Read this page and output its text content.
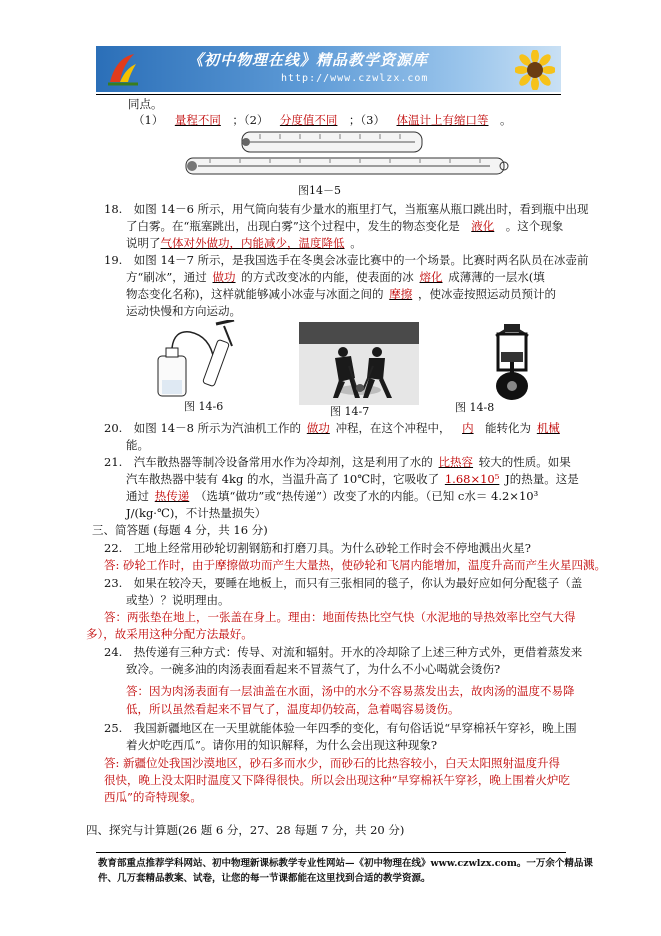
《初中物理在线》精品教学资源库
http://www.czwlzx.com
同点。
（1）  量程不同  ；（2）  分度值不同  ；（3）  体温计上有缩口等  。
图14－5
18.　如图 14－6 所示，用气筒向装有少量水的瓶里打气，当瓶塞从瓶口跳出时，看到瓶中出现
了白雾。在“瓶塞跳出，出现白雾”这个过程中，发生的物态变化是  液化  。这个现象
说明了气体对外做功，内能减少，温度降低  。
19.　如图 14－7 所示，是我国选手在冬奥会冰壶比赛中的一个场景。比赛时两名队员在冰壶前
方“刷冰”，通过  做功  的方式改变冰的内能，使表面的冰  熔化  成薄薄的一层水(填
物态变化名称)，这样就能够减小冰壶与冰面之间的  摩擦  ，使冰壶按照运动员预计的
运动快慢和方向运动。
图 14-6	图 14-7	图 14-8
20.　如图 14－8 所示为汽油机工作的  做功  冲程，在这个冲程中，  内  能转化为  机械
能。
21.　汽车散热器等制冷设备常用水作为冷却剂，这是利用了水的  比热容  较大的性质。如果
汽车散热器中装有 4kg 的水，当温升高了 10℃时，它吸收了  1.68×10⁵  J的热量。这是
通过  热传递  （选填“做功”或“热传递”）改变了水的内能。（已知 c水＝ 4.2×10³
J/(kg·℃)，不计热量损失）
三、简答题 (每题 4 分，共 16 分)
22.　工地上经常用砂轮切割钢筋和打磨刀具。为什么砂轮工作时会不停地溅出火星?
答: 砂轮工作时，由于摩擦做功而产生大量热，使砂轮和飞屑内能增加，温度升高而产生火星四溅。
23.　如果在较冷天，要睡在地板上，而只有三张相同的毯子，你认为最好应如何分配毯子（盖
或垫）？说明理由。
答：两张垫在地上，一张盖在身上。理由：地面传热比空气快（水泥地的导热效率比空气大得
多），故采用这种分配方法最好。
24.　热传递有三种方式：传导、对流和辐射。开水的冷却除了上述三种方式外，更借着蒸发来
致冷。一碗多油的肉汤表面看起来不冒蒸气了，为什么不小心喝就会烫伤?
答：因为肉汤表面有一层油盖在水面，汤中的水分不容易蒸发出去，故肉汤的温度不易降
低，所以虽然看起来不冒气了，温度却仍较高，急着喝容易烫伤。
25.　我国新疆地区在一天里就能体验一年四季的变化，有句俗话说“早穿棉袄午穿衫，晚上围
着火炉吃西瓜”。请你用的知识解释，为什么会出现这种现象?
答: 新疆位处我国沙漠地区，砂石多而水少，而砂石的比热容较小，白天太阳照射温度升得
很快，晚上没太阳时温度又下降得很快。所以会出现这种“早穿棉袄午穿衫，晚上围着火炉吃
西瓜”的奇特现象。
四、探究与计算题(26 题 6 分，27、28 每题 7 分，共 20 分)
教育部重点推荐学科网站、初中物理新课标教学专业性网站—《初中物理在线》www.czwlzx.com。一万余个精品课
件、几万套精品教案、试卷，让您的每一节课都能在这里找到合适的教学资源。
